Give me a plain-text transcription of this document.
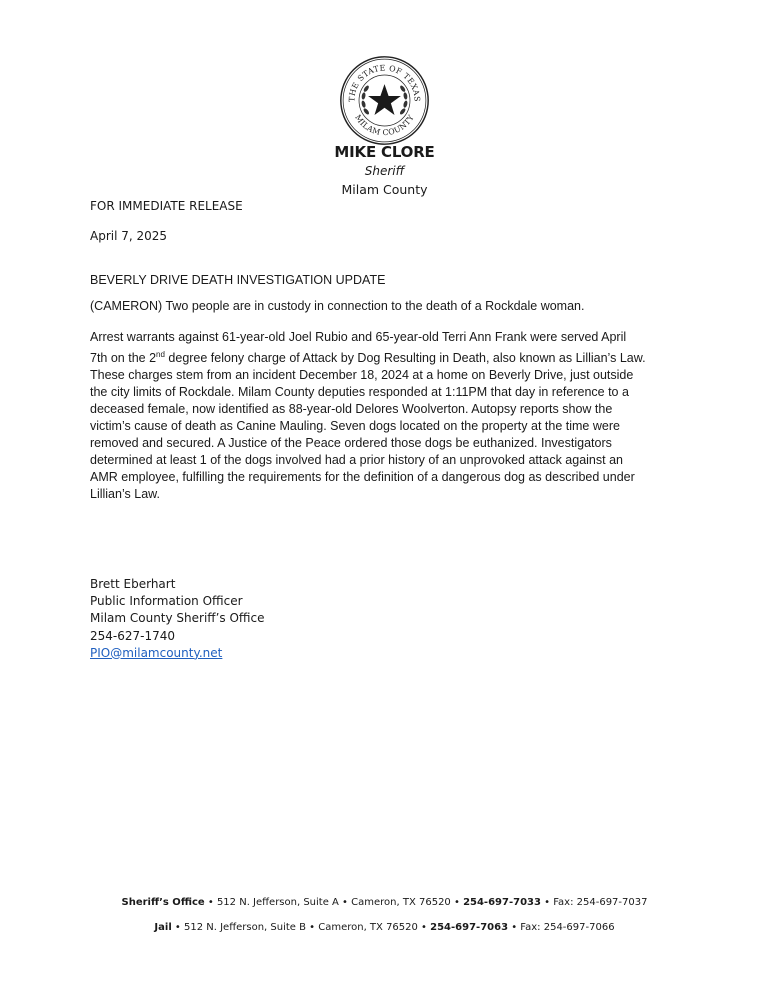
THE STATE OF TEXAS
MILAM COUNTY
MIKE CLORE
Sheriff
Milam County
FOR IMMEDIATE RELEASE
April 7, 2025
BEVERLY DRIVE DEATH INVESTIGATION UPDATE
(CAMERON) Two people are in custody in connection to the death of a Rockdale woman.

Arrest warrants against 61-year-old Joel Rubio and 65-year-old Terri Ann Frank were served April

7th on the 2nd degree felony charge of Attack by Dog Resulting in Death, also known as Lillian’s Law.

These charges stem from an incident December 18, 2024 at a home on Beverly Drive, just outside

the city limits of Rockdale. Milam County deputies responded at 1:11PM that day in reference to a

deceased female, now identified as 88-year-old Delores Woolverton. Autopsy reports show the

victim’s cause of death as Canine Mauling. Seven dogs located on the property at the time were

removed and secured. A Justice of the Peace ordered those dogs be euthanized. Investigators

determined at least 1 of the dogs involved had a prior history of an unprovoked attack against an

AMR employee, fulfilling the requirements for the definition of a dangerous dog as described under

Lillian’s Law.

Brett Eberhart
Public Information Officer
Milam County Sheriff’s Office
254-627-1740
PIO@milamcounty.net
Sheriff’s Office • 512 N. Jefferson, Suite A • Cameron, TX 76520 • 254-697-7033 • Fax: 254-697-7037
Jail • 512 N. Jefferson, Suite B • Cameron, TX 76520 • 254-697-7063 • Fax: 254-697-7066
